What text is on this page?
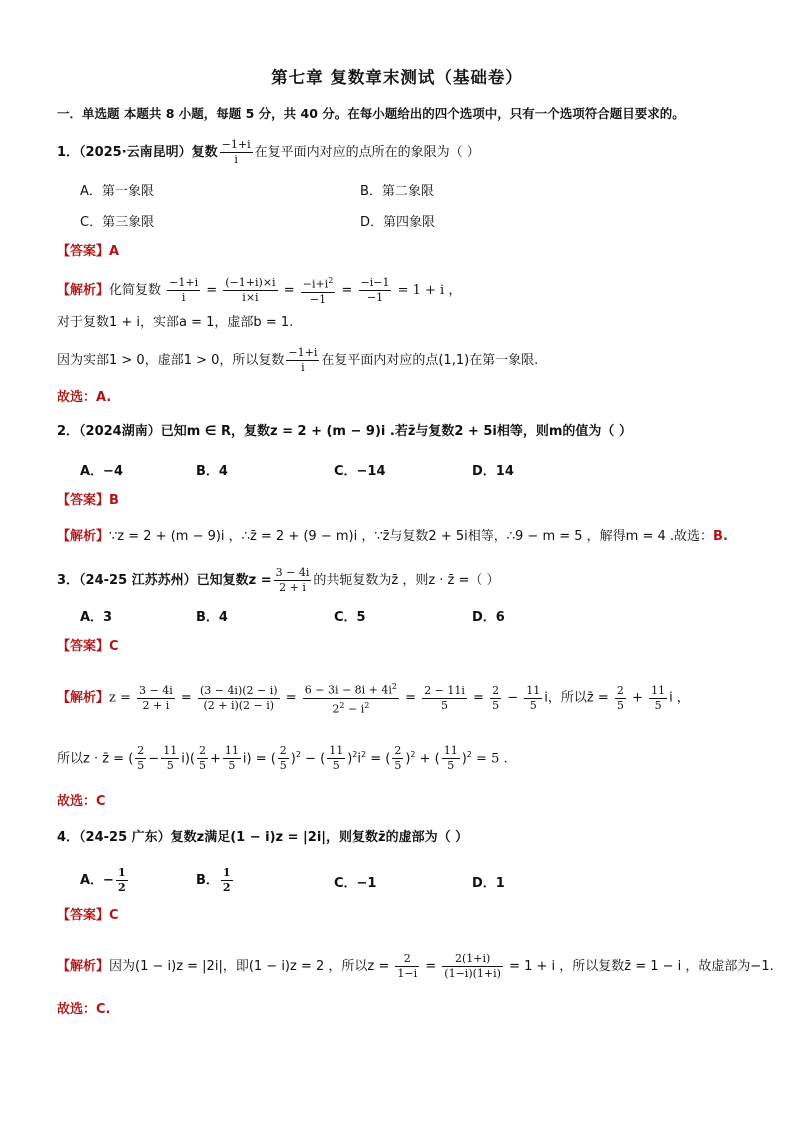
第七章 复数章末测试（基础卷）
一．单选题 本题共 8 小题，每题 5 分，共 40 分。在每小题给出的四个选项中，只有一个选项符合题目要求的。
1．（2025·云南昆明）复数 $\frac{-1+i}{i}$ 在复平面内对应的点所在的象限为（ ）
A．第一象限	B．第二象限
C．第三象限	D．第四象限
【答案】A
【解析】化简复数 $\frac{-1+i}{i} = \frac{(-1+i)\times i}{i\times i} = \frac{-i+i^2}{-1} = \frac{-i-1}{-1} = 1 + i$ ，
对于复数1 + i，实部a = 1，虚部b = 1.
因为实部1 > 0，虚部1 > 0，所以复数 $\frac{-1+i}{i}$ 在复平面内对应的点(1,1)在第一象限.
故选：A.
2．（2024湖南）已知m ∈ R，复数z = 2 + (m − 9)i .若z̄与复数2 + 5i相等，则m的值为（ ）
A．−4	B．4	C．−14	D．14
【答案】B
【解析】∵z = 2 + (m − 9)i ，∴z̄ = 2 + (9 − m)i ，∵z̄与复数2 + 5i相等，∴9 − m = 5 ，解得m = 4 .故选：B.
3．（24-25 江苏苏州）已知复数$z = \frac{3 - 4i}{2 + i}$ 的共轭复数为z̄ ，则z · z̄ =（ ）
A．3	B．4	C．5	D．6
【答案】C
【解析】$z = \frac{3 - 4i}{2 + i} = \frac{(3 - 4i)(2 - i)}{(2 + i)(2 - i)} = \frac{6 - 3i - 8i + 4i^2}{2^2 - i^2} = \frac{2 - 11i}{5} = \frac{2}{5} - \frac{11}{5}$ i，所以z̄ = $\frac{2}{5} + \frac{11}{5}$ i ，
所以z · z̄ = ( $\frac{2}{5} - \frac{11}{5} i)( \frac{2}{5} + \frac{11}{5} i)$ = ( $\frac{2}{5} )^2$ − ( $\frac{11}{5} )^2i^2$ = ( $\frac{2}{5} )^2$ + ( $\frac{11}{5} )^2 = 5$ .
故选：C
4．（24-25 广东）复数z满足(1 − i)z = |2i|，则复数z̄的虚部为（ ）
A．− $\frac{1}{2}$	B． $\frac{1}{2}$	C．−1	D．1
【答案】C
【解析】因为(1 − i)z = |2i|，即(1 − i)z = 2 ，所以$z = \frac{2}{1-i} = \frac{2(1+i)}{(1-i)(1+i)} = 1 + i$ ，所以复数z̄ = 1 − i ，故虚部为−1.
故选：C.
